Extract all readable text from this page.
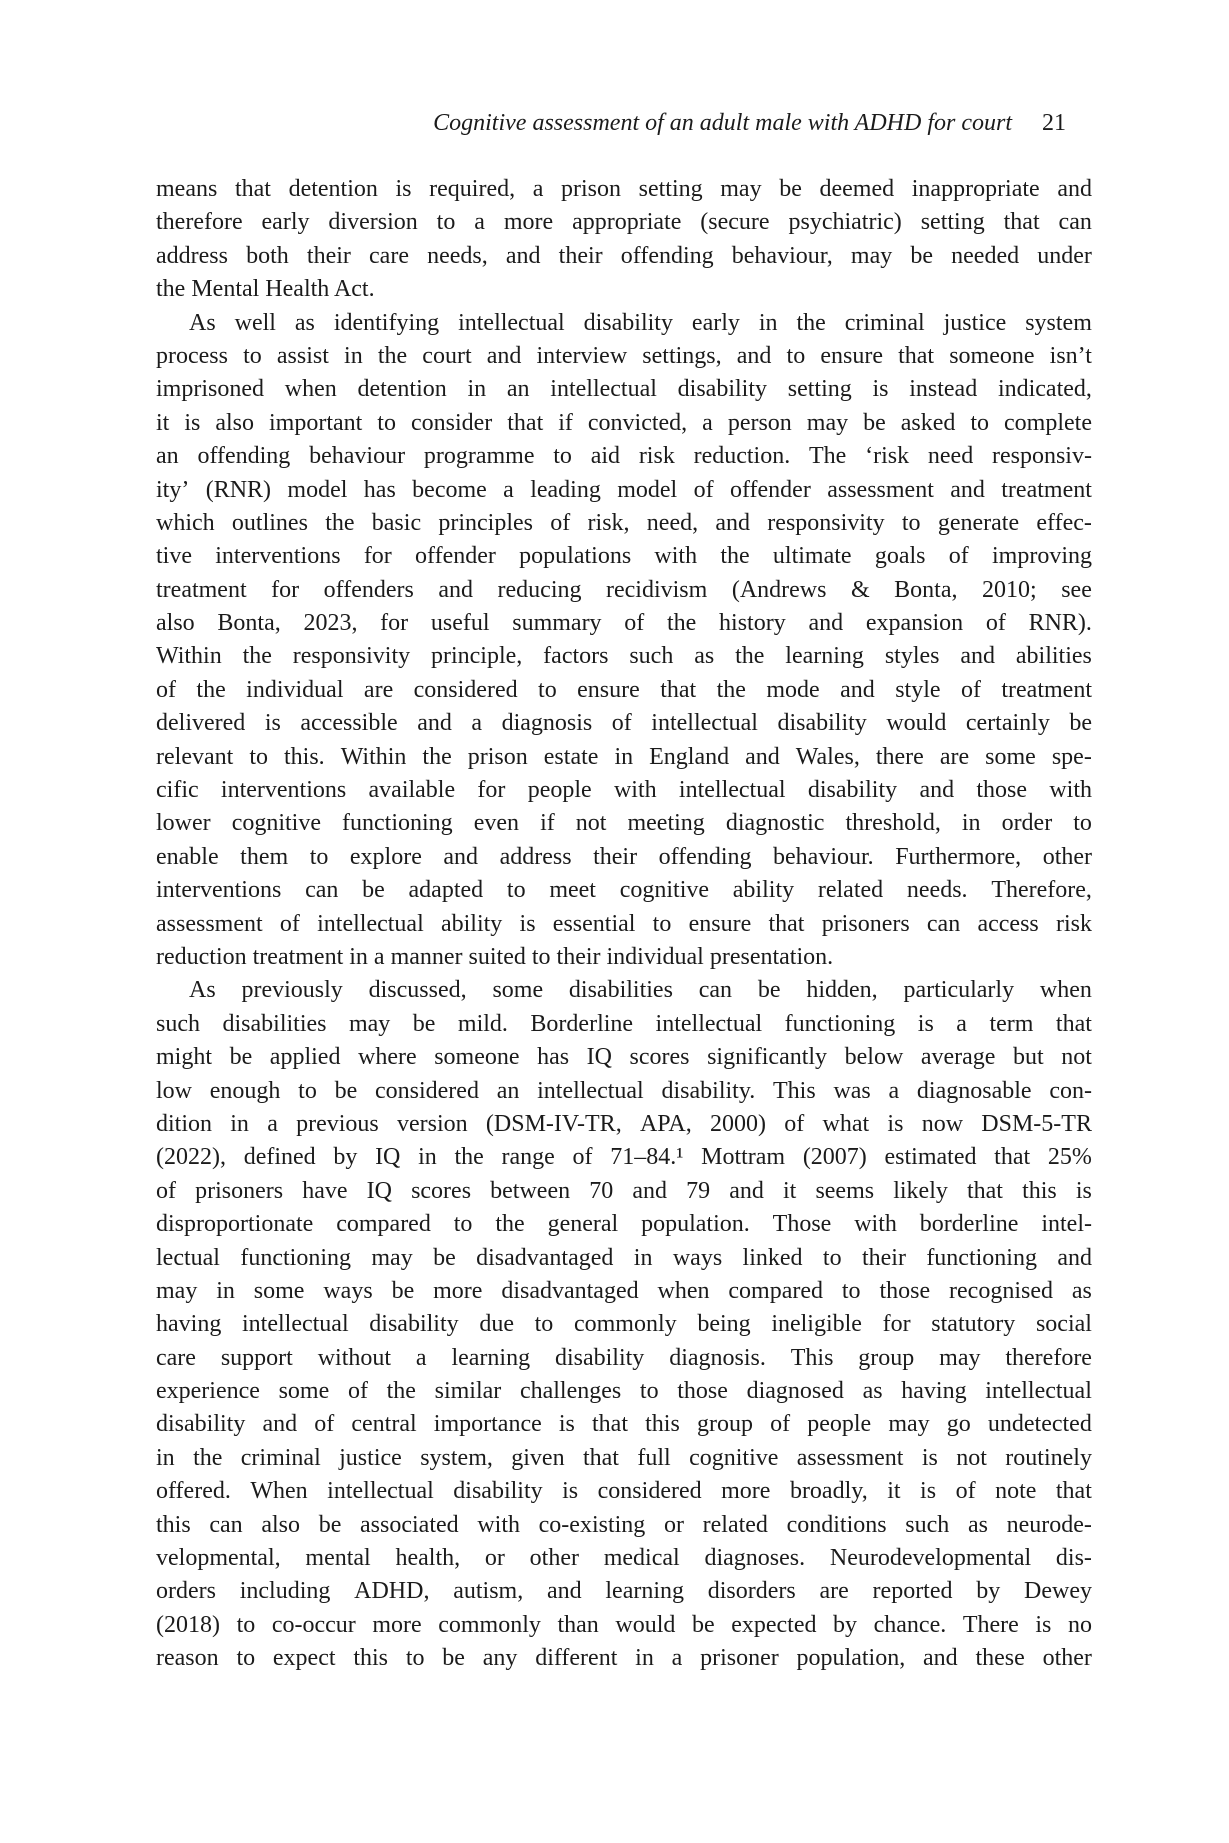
Cognitive assessment of an adult male with ADHD for court 21
means that detention is required, a prison setting may be deemed inappropriate and
therefore early diversion to a more appropriate (secure psychiatric) setting that can
address both their care needs, and their offending behaviour, may be needed under
the Mental Health Act.
As well as identifying intellectual disability early in the criminal justice system
process to assist in the court and interview settings, and to ensure that someone isn’t
imprisoned when detention in an intellectual disability setting is instead indicated,
it is also important to consider that if convicted, a person may be asked to complete
an offending behaviour programme to aid risk reduction. The ‘risk need responsiv-
ity’ (RNR) model has become a leading model of offender assessment and treatment
which outlines the basic principles of risk, need, and responsivity to generate effec-
tive interventions for offender populations with the ultimate goals of improving
treatment for offenders and reducing recidivism (Andrews & Bonta, 2010; see
also Bonta, 2023, for useful summary of the history and expansion of RNR).
Within the responsivity principle, factors such as the learning styles and abilities
of the individual are considered to ensure that the mode and style of treatment
delivered is accessible and a diagnosis of intellectual disability would certainly be
relevant to this. Within the prison estate in England and Wales, there are some spe-
cific interventions available for people with intellectual disability and those with
lower cognitive functioning even if not meeting diagnostic threshold, in order to
enable them to explore and address their offending behaviour. Furthermore, other
interventions can be adapted to meet cognitive ability related needs. Therefore,
assessment of intellectual ability is essential to ensure that prisoners can access risk
reduction treatment in a manner suited to their individual presentation.
As previously discussed, some disabilities can be hidden, particularly when
such disabilities may be mild. Borderline intellectual functioning is a term that
might be applied where someone has IQ scores significantly below average but not
low enough to be considered an intellectual disability. This was a diagnosable con-
dition in a previous version (DSM-IV-TR, APA, 2000) of what is now DSM-5-TR
(2022), defined by IQ in the range of 71–84.¹ Mottram (2007) estimated that 25%
of prisoners have IQ scores between 70 and 79 and it seems likely that this is
disproportionate compared to the general population. Those with borderline intel-
lectual functioning may be disadvantaged in ways linked to their functioning and
may in some ways be more disadvantaged when compared to those recognised as
having intellectual disability due to commonly being ineligible for statutory social
care support without a learning disability diagnosis. This group may therefore
experience some of the similar challenges to those diagnosed as having intellectual
disability and of central importance is that this group of people may go undetected
in the criminal justice system, given that full cognitive assessment is not routinely
offered. When intellectual disability is considered more broadly, it is of note that
this can also be associated with co-existing or related conditions such as neurode-
velopmental, mental health, or other medical diagnoses. Neurodevelopmental dis-
orders including ADHD, autism, and learning disorders are reported by Dewey
(2018) to co-occur more commonly than would be expected by chance. There is no
reason to expect this to be any different in a prisoner population, and these other
